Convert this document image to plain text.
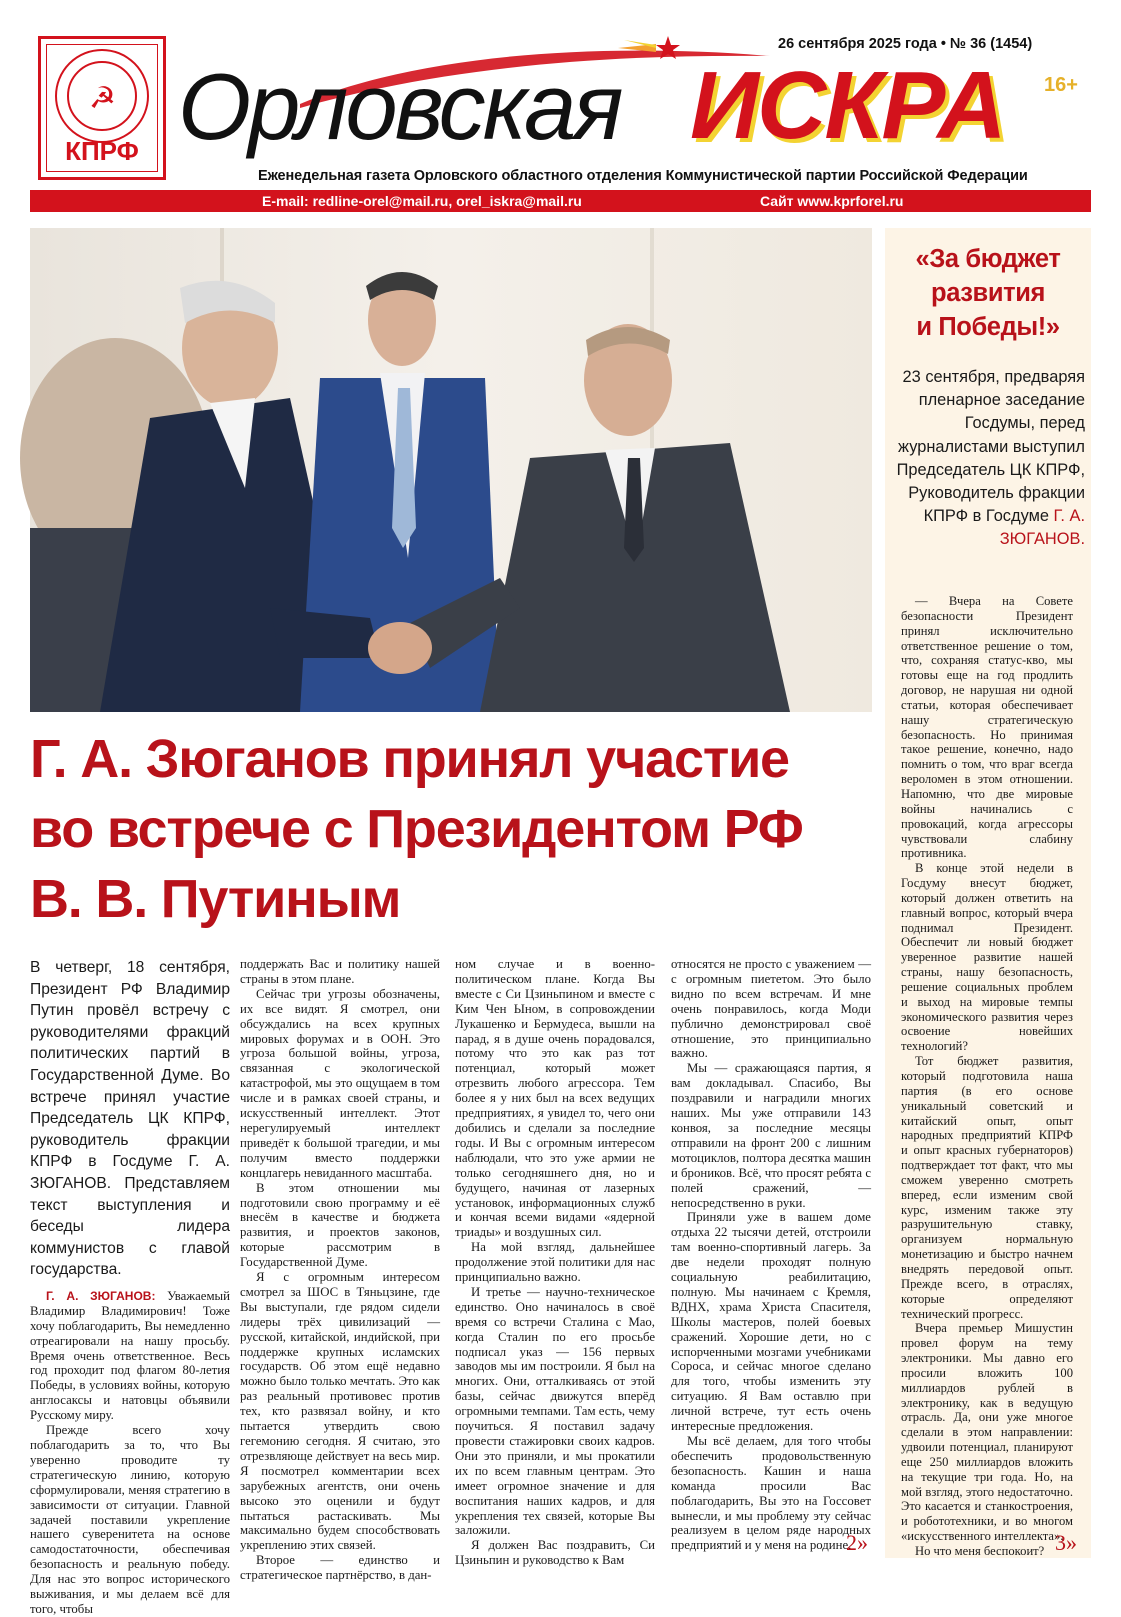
☭
КПРФ
26 сентября 2025 года • № 36 (1454)
Орловская ИСКРА 16+
Еженедельная газета Орловского областного отделения Коммунистической партии Российской Федерации
E-mail: redline-orel@mail.ru, orel_iskra@mail.ru	Сайт www.kprforel.ru
Г. А. Зюганов принял участие
во встрече с Президентом РФ
В. В. Путиным

В четверг, 18 сентября, Президент РФ Владимир Путин провёл встречу с руководителями фракций политических партий в Государственной Думе. Во встрече принял участие Председатель ЦК КПРФ, руководитель фракции КПРФ в Госдуме Г. А. ЗЮГАНОВ. Представляем текст выступления и беседы лидера коммунистов с главой государства.

Г. А. ЗЮГАНОВ: Уважаемый Владимир Владимирович! Тоже хочу поблагодарить, Вы немедленно отреагировали на нашу просьбу. Время очень ответственное. Весь год проходит под флагом 80-летия Победы, в условиях войны, которую англосаксы и натовцы объявили Русскому миру.

Прежде всего хочу поблагодарить за то, что Вы уверенно проводите ту стратегическую линию, которую сформулировали, меняя стратегию в зависимости от ситуации. Главной задачей поставили укрепление нашего суверенитета на основе самодостаточности, обеспечивая безопасность и реальную победу. Для нас это вопрос исторического выживания, и мы делаем всё для того, чтобы

поддержать Вас и политику нашей страны в этом плане.

Сейчас три угрозы обозначены, их все видят. Я смотрел, они обсуждались на всех крупных мировых форумах и в ООН. Это угроза большой войны, угроза, связанная с экологической катастрофой, мы это ощущаем в том числе и в рамках своей страны, и искусственный интеллект. Этот нерегулируемый интеллект приведёт к большой трагедии, и мы получим вместо поддержки концлагерь невиданного масштаба.

В этом отношении мы подготовили свою программу и её внесём в качестве и бюджета развития, и проектов законов, которые рассмотрим в Государственной Думе.

Я с огромным интересом смотрел за ШОС в Тяньцзине, где Вы выступали, где рядом сидели лидеры трёх цивилизаций — русской, китайской, индийской, при поддержке крупных исламских государств. Об этом ещё недавно можно было только мечтать. Это как раз реальный противовес против тех, кто развязал войну, и кто пытается утвердить свою гегемонию сегодня. Я считаю, это отрезвляюще действует на весь мир. Я посмотрел комментарии всех зарубежных агентств, они очень высоко это оценили и будут пытаться растаскивать. Мы максимально будем способствовать укреплению этих связей.

Второе — единство и стратегическое партнёрство, в дан-

ном случае и в военно-политическом плане. Когда Вы вместе с Си Цзиньпином и вместе с Ким Чен Ыном, в сопровождении Лукашенко и Бермудеса, вышли на парад, я в душе очень порадовался, потому что это как раз тот потенциал, который может отрезвить любого агрессора. Тем более я у них был на всех ведущих предприятиях, я увидел то, чего они добились и сделали за последние годы. И Вы с огромным интересом наблюдали, что это уже армии не только сегодняшнего дня, но и будущего, начиная от лазерных установок, информационных служб и кончая всеми видами «ядерной триады» и воздушных сил.

На мой взгляд, дальнейшее продолжение этой политики для нас принципиально важно.

И третье — научно-техническое единство. Оно начиналось в своё время со встречи Сталина с Мао, когда Сталин по его просьбе подписал указ — 156 первых заводов мы им построили. Я был на многих. Они, отталкиваясь от этой базы, сейчас движутся вперёд огромными темпами. Там есть, чему поучиться. Я поставил задачу провести стажировки своих кадров. Они это приняли, и мы прокатили их по всем главным центрам. Это имеет огромное значение и для воспитания наших кадров, и для укрепления тех связей, которые Вы заложили.

Я должен Вас поздравить, Си Цзиньпин и руководство к Вам

относятся не просто с уважением — с огромным пиететом. Это было видно по всем встречам. И мне очень понравилось, когда Моди публично демонстрировал своё отношение, это принципиально важно.

Мы — сражающаяся партия, я вам докладывал. Спасибо, Вы поздравили и наградили многих наших. Мы уже отправили 143 конвоя, за последние месяцы отправили на фронт 200 с лишним мотоциклов, полтора десятка машин и броников. Всё, что просят ребята с полей сражений, — непосредственно в руки.

Приняли уже в вашем доме отдыха 22 тысячи детей, отстроили там военно-спортивный лагерь. За две недели проходят полную социальную реабилитацию, полную. Мы начинаем с Кремля, ВДНХ, храма Христа Спасителя, Школы мастеров, полей боевых сражений. Хорошие дети, но с испорченными мозгами учебниками Сороса, и сейчас многое сделано для того, чтобы изменить эту ситуацию. Я Вам оставлю при личной встрече, тут есть очень интересные предложения.

Мы всё делаем, для того чтобы обеспечить продовольственную безопасность. Кашин и наша команда просили Вас поблагодарить, Вы это на Госсовет вынесли, и мы проблему эту сейчас реализуем в целом ряде народных предприятий и у меня на родине.

2»
«За бюджет
развития
и Победы!»
23 сентября, предваряя пленарное заседание Госдумы, перед журналистами выступил Председатель ЦК КПРФ, Руководитель фракции КПРФ в Госдуме Г. А. ЗЮГАНОВ.

— Вчера на Совете безопасности Президент принял исключительно ответственное решение о том, что, сохраняя статус-кво, мы готовы еще на год продлить договор, не нарушая ни одной статьи, которая обеспечивает нашу стратегическую безопасность. Но принимая такое решение, конечно, надо помнить о том, что враг всегда вероломен в этом отношении. Напомню, что две мировые войны начинались с провокаций, когда агрессоры чувствовали слабину противника.

В конце этой недели в Госдуму внесут бюджет, который должен ответить на главный вопрос, который вчера поднимал Президент. Обеспечит ли новый бюджет уверенное развитие нашей страны, нашу безопасность, решение социальных проблем и выход на мировые темпы экономического развития через освоение новейших технологий?

Тот бюджет развития, который подготовила наша партия (в его основе уникальный советский и китайский опыт, опыт народных предприятий КПРФ и опыт красных губернаторов) подтверждает тот факт, что мы сможем уверенно смотреть вперед, если изменим свой курс, изменим также эту разрушительную ставку, организуем нормальную монетизацию и быстро начнем внедрять передовой опыт. Прежде всего, в отраслях, которые определяют технический прогресс.

Вчера премьер Мишустин провел форум на тему электроники. Мы давно его просили вложить 100 миллиардов рублей в электронику, как в ведущую отрасль. Да, они уже многое сделали в этом направлении: удвоили потенциал, планируют еще 250 миллиардов вложить на текущие три года. Но, на мой взгляд, этого недостаточно. Это касается и станкостроения, и робототехники, и во многом «искусственного интеллекта».

Но что меня беспокоит? 3»
